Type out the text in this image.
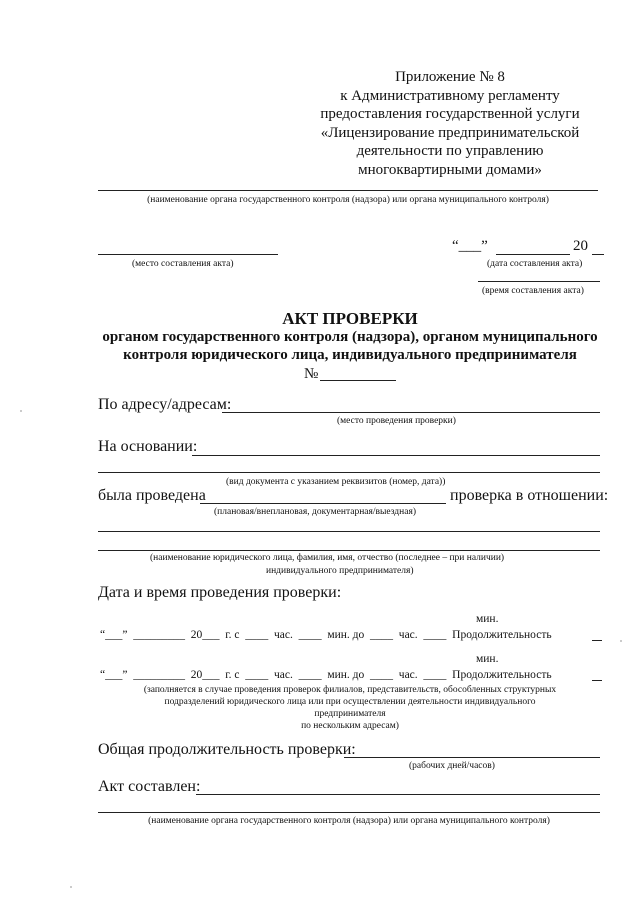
Приложение № 8
к Административному регламенту
предоставления государственной услуги
«Лицензирование предпринимательской
деятельности по управлению
многоквартирными домами»
(наименование органа государственного контроля (надзора) или органа муниципального контроля)
(место составления акта)
“___”	20
(дата составления акта)
(время составления акта)
АКТ ПРОВЕРКИ
органом государственного контроля (надзора), органом муниципального
контроля юридического лица, индивидуального предпринимателя
№
По адресу/адресам:
(место проведения проверки)
На основании:
(вид документа с указанием реквизитов (номер, дата))
была проведена	проверка в отношении:
(плановая/внеплановая, документарная/выездная)
(наименование юридического лица, фамилия, имя, отчество (последнее – при наличии)
индивидуального предпринимателя)
Дата и время проведения проверки:
мин.
“___”  _________  20___  г. с  ____  час.  ____  мин. до  ____  час.  ____  Продолжительность
мин.
“___”  _________  20___  г. с  ____  час.  ____  мин. до  ____  час.  ____  Продолжительность
(заполняется в случае проведения проверок филиалов, представительств, обособленных структурных
подразделений юридического лица или при осуществлении деятельности индивидуального
предпринимателя
по нескольким адресам)
Общая продолжительность проверки:
(рабочих дней/часов)
Акт составлен:
(наименование органа государственного контроля (надзора) или органа муниципального контроля)
